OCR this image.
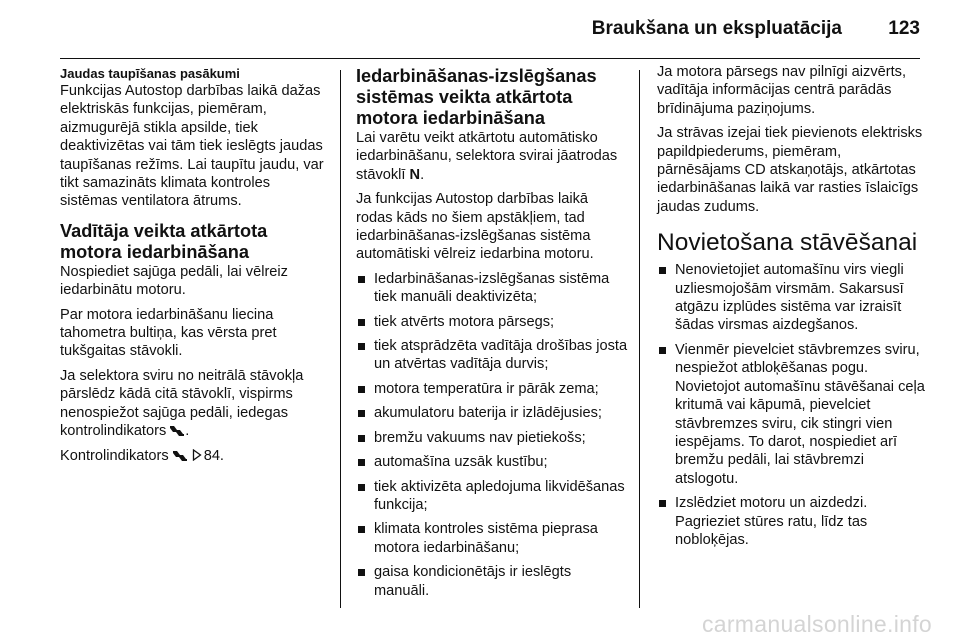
Braukšana un ekspluatācija 123
Jaudas taupīšanas pasākumi

Funkcijas Autostop darbības laikā dažas elektriskās funkcijas, piemēram, aizmugurējā stikla apsilde, tiek deaktivizētas vai tām tiek ieslēgts jaudas taupīšanas režīms. Lai taupītu jaudu, var tikt samazināts klimata kontroles sistēmas ventilatora ātrums.

Vadītāja veikta atkārtota motora iedarbināšana

Nospiediet sajūga pedāli, lai vēlreiz iedarbinātu motoru.

Par motora iedarbināšanu liecina tahometra bultiņa, kas vērsta pret tukšgaitas stāvokli.

Ja selektora sviru no neitrālā stāvokļa pārslēdz kādā citā stāvoklī, vispirms nenospiežot sajūga pedāli, iedegas kontrolindikators .

Kontrolindikators 84.

Iedarbināšanas-izslēgšanas sistēmas veikta atkārtota motora iedarbināšana

Lai varētu veikt atkārtotu automātisko iedarbināšanu, selektora svirai jāatrodas stāvoklī N.

Ja funkcijas Autostop darbības laikā rodas kāds no šiem apstākļiem, tad iedarbināšanas-izslēgšanas sistēma automātiski vēlreiz iedarbina motoru.

Iedarbināšanas-izslēgšanas sistēma tiek manuāli deaktivizēta;
tiek atvērts motora pārsegs;
tiek atsprādzēta vadītāja drošības josta un atvērtas vadītāja durvis;
motora temperatūra ir pārāk zema;
akumulatoru baterija ir izlādējusies;
bremžu vakuums nav pietiekošs;
automašīna uzsāk kustību;
tiek aktivizēta apledojuma likvidēšanas funkcija;
klimata kontroles sistēma pieprasa motora iedarbināšanu;
gaisa kondicionētājs ir ieslēgts manuāli.

Ja motora pārsegs nav pilnīgi aizvērts, vadītāja informācijas centrā parādās brīdinājuma paziņojums.

Ja strāvas izejai tiek pievienots elektrisks papildpiederums, piemēram, pārnēsājams CD atskaņotājs, atkārtotas iedarbināšanas laikā var rasties īslaicīgs jaudas zudums.

Novietošana stāvēšanai
Nenovietojiet automašīnu virs viegli uzliesmojošām virsmām. Sakarsusī atgāzu izplūdes sistēma var izraisīt šādas virsmas aizdegšanos.
Vienmēr pievelciet stāvbremzes sviru, nespiežot atbloķēšanas pogu. Novietojot automašīnu stāvēšanai ceļa kritumā vai kāpumā, pievelciet stāvbremzes sviru, cik stingri vien iespējams. To darot, nospiediet arī bremžu pedāli, lai stāvbremzi atslogotu.
Izslēdziet motoru un aizdedzi. Pagrieziet stūres ratu, līdz tas nobloķējas.
carmanualsonline.info
